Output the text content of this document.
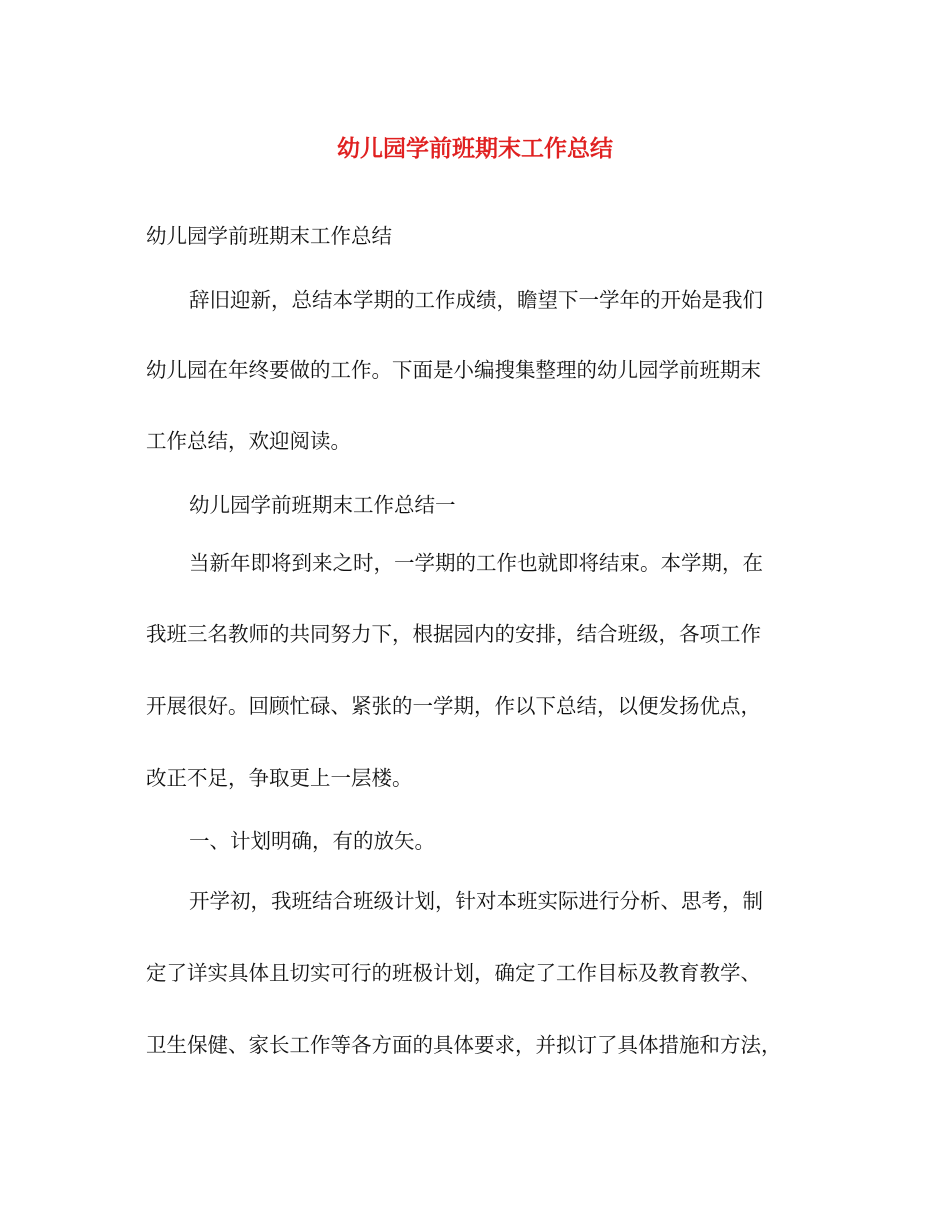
幼儿园学前班期末工作总结
幼儿园学前班期末工作总结
辞旧迎新，总结本学期的工作成绩，瞻望下一学年的开始是我们
幼儿园在年终要做的工作。下面是小编搜集整理的幼儿园学前班期末
工作总结，欢迎阅读。
幼儿园学前班期末工作总结一
当新年即将到来之时，一学期的工作也就即将结束。本学期，在
我班三名教师的共同努力下，根据园内的安排，结合班级，各项工作
开展很好。回顾忙碌、紧张的一学期，作以下总结，以便发扬优点，
改正不足，争取更上一层楼。
一、计划明确，有的放矢。
开学初，我班结合班级计划，针对本班实际进行分析、思考，制
定了详实具体且切实可行的班极计划，确定了工作目标及教育教学、
卫生保健、家长工作等各方面的具体要求，并拟订了具体措施和方法，
